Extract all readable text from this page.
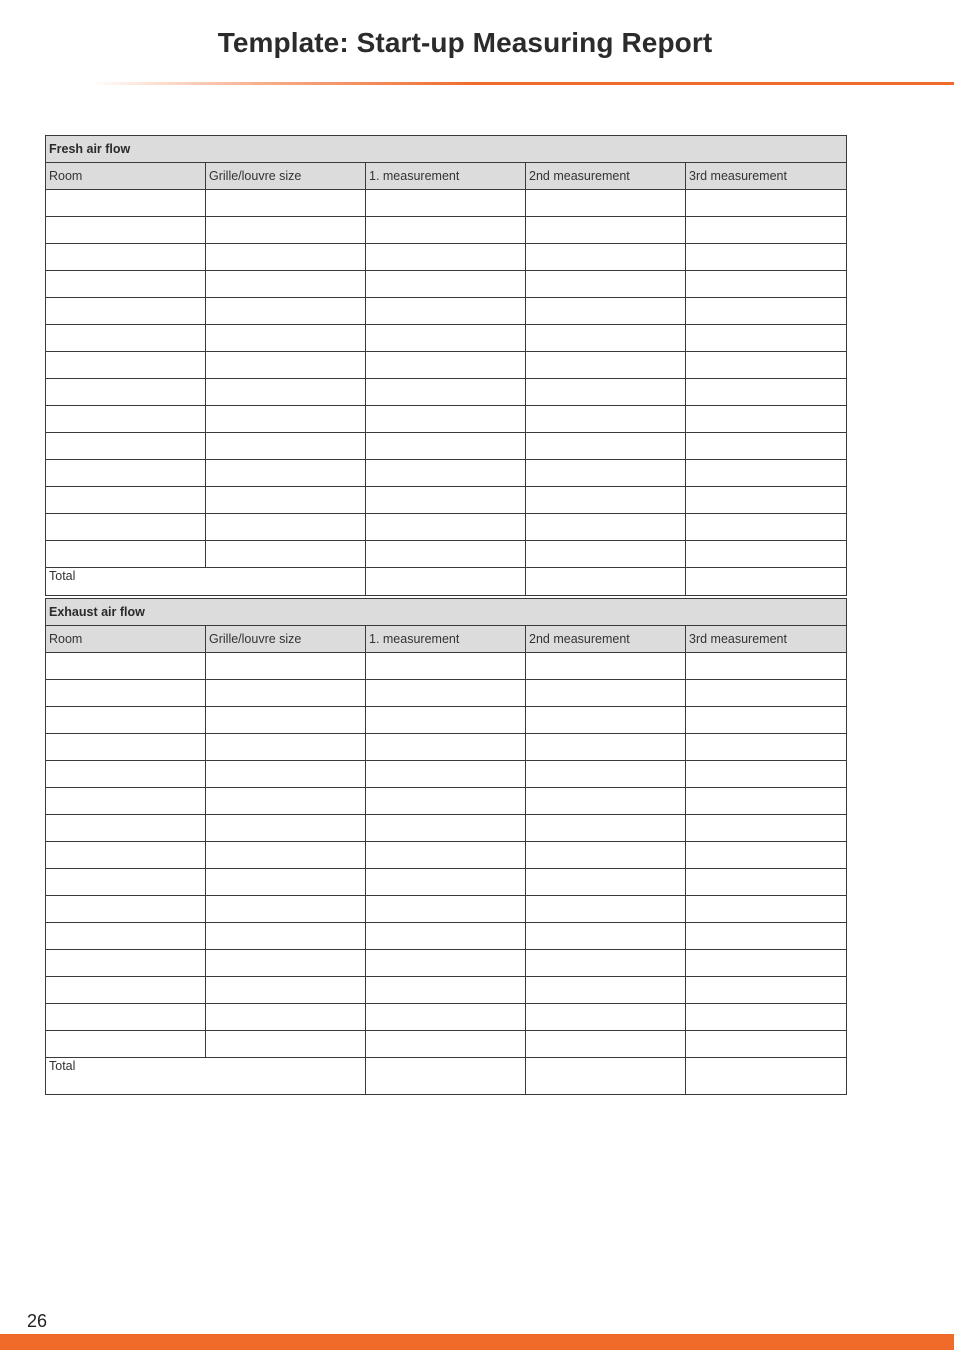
Template: Start-up Measuring Report
Fresh air flow				
Room	Grille/louvre size	1. measurement	2nd measurement	3rd measurement

Total				
Exhaust air flow				
Room	Grille/louvre size	1. measurement	2nd measurement	3rd measurement

Total				
26
